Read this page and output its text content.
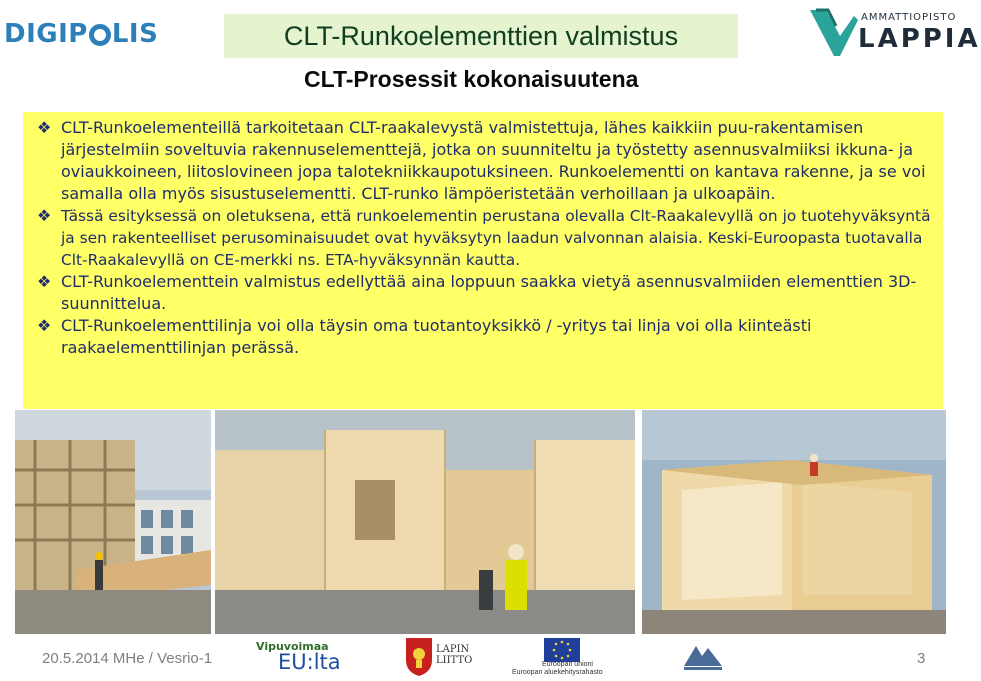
DIGIP LIS	CLT-Runkoelementtien valmistus
AMMATTIOPISTO
LAPPIA
CLT-Prosessit kokonaisuutena
❖ CLT-Runkoelementeillä tarkoitetaan CLT-raakalevystä valmistettuja, lähes kaikkiin puu-rakentamisen järjestelmiin soveltuvia rakennuselementtejä, jotka on suunniteltu ja työstetty asennusvalmiiksi ikkuna- ja oviaukkoineen, liitoslovineen jopa talotekniikkaupotuksineen. Runkoelementti on kantava rakenne, ja se voi samalla olla myös sisustuselementti. CLT-runko lämpöeristetään verhoillaan ja ulkoapäin.
❖ Tässä esityksessä on oletuksena, että runkoelementin perustana olevalla Clt-Raakalevyllä on jo tuotehyväksyntä ja sen rakenteelliset perusominaisuudet ovat hyväksytyn laadun valvonnan alaisia. Keski-Euroopasta tuotavalla Clt-Raakalevyllä on CE-merkki ns. ETA-hyväksynnän kautta.
❖ CLT-Runkoelementtein valmistus edellyttää aina loppuun saakka vietyä asennusvalmiiden elementtien 3D-suunnittelua.
❖ CLT-Runkoelementtilinja voi olla täysin oma tuotantoyksikkö / -yritys tai linja voi olla kiinteästi raakaelementtilinjan perässä.
20.5.2014 MHe / Vesrio-1
Vipuvoimaa
EU:lta
LAPIN LIITTO	Euroopan unioni
Euroopan aluekehitysrahasto
3
